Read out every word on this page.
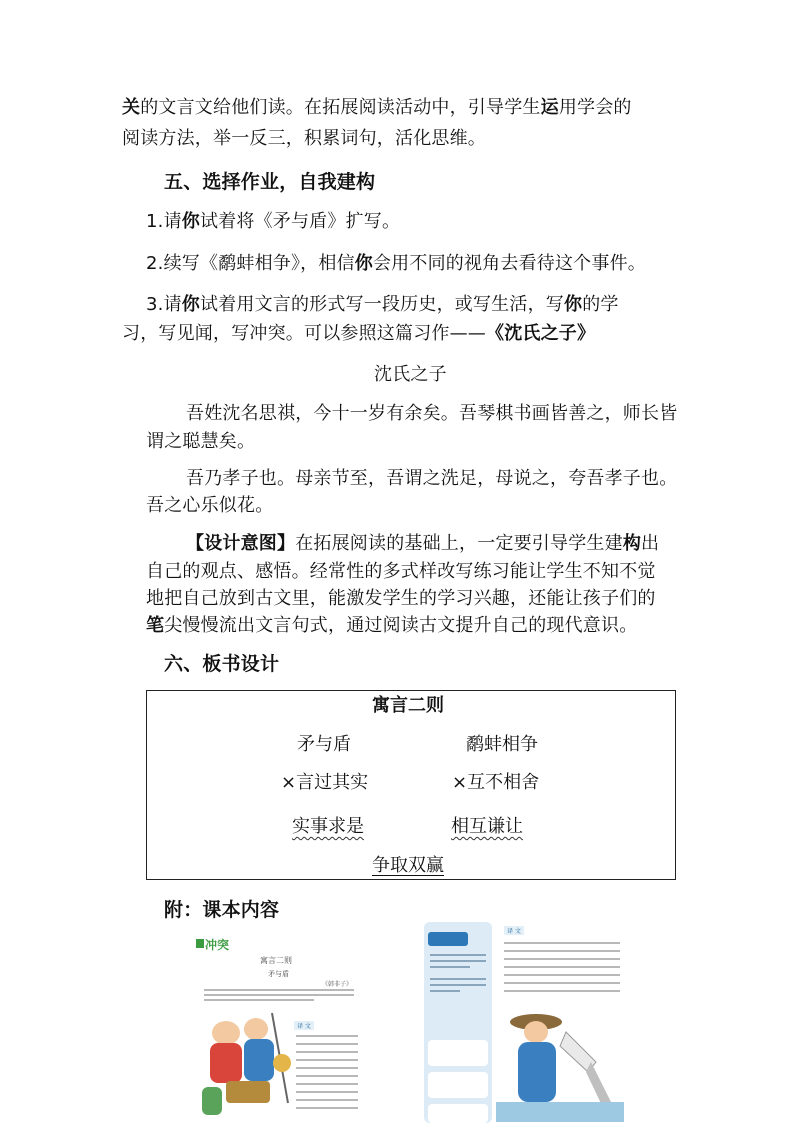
关的文言文给他们读。在拓展阅读活动中，引导学生运用学会的
阅读方法，举一反三，积累词句，活化思维。
五、选择作业，自我建构
1.请你试着将《矛与盾》扩写。
2.续写《鹬蚌相争》，相信你会用不同的视角去看待这个事件。
3.请你试着用文言的形式写一段历史，或写生活，写你的学
习，写见闻，写冲突。可以参照这篇习作——《沈氏之子》
沈氏之子
吾姓沈名思祺，今十一岁有余矣。吾琴棋书画皆善之，师长皆
谓之聪慧矣。
吾乃孝子也。母亲节至，吾谓之洗足，母说之，夸吾孝子也。
吾之心乐似花。
【设计意图】在拓展阅读的基础上，一定要引导学生建构出
自己的观点、感悟。经常性的多式样改写练习能让学生不知不觉
地把自己放到古文里，能激发学生的学习兴趣，还能让孩子们的
笔尖慢慢流出文言句式，通过阅读古文提升自己的现代意识。
六、板书设计
寓言二则
矛与盾	鹬蚌相争
×言过其实	×互不相舍
实事求是	相互谦让
争取双赢
附：课本内容
冲突
寓言二则
矛与盾
《韩非子》
译 文
译 文
